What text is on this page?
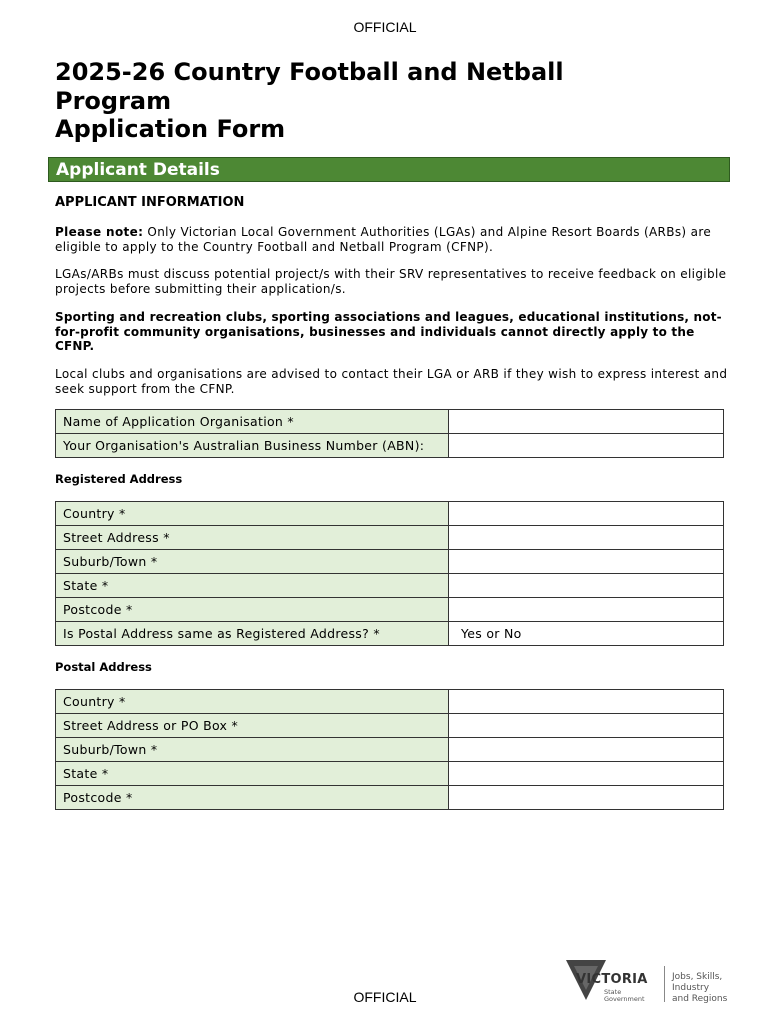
OFFICIAL
2025-26 Country Football and Netball
Program
Application Form
Applicant Details
APPLICANT INFORMATION

Please note: Only Victorian Local Government Authorities (LGAs) and Alpine Resort Boards (ARBs) are eligible to apply to the Country Football and Netball Program (CFNP).

LGAs/ARBs must discuss potential project/s with their SRV representatives to receive feedback on eligible projects before submitting their application/s.

Sporting and recreation clubs, sporting associations and leagues, educational institutions, not-for-profit community organisations, businesses and individuals cannot directly apply to the CFNP.

Local clubs and organisations are advised to contact their LGA or ARB if they wish to express interest and seek support from the CFNP.

Name of Application Organisation *	
Your Organisation's Australian Business Number (ABN):	
Registered Address
Country *	
Street Address *	
Suburb/Town *	
State *	
Postcode *	
Is Postal Address same as Registered Address? *	Yes or No
Postal Address
Country *	
Street Address or PO Box *	
Suburb/Town *	
State *	
Postcode *	
VICTORIA
State
Government
Jobs, Skills,
Industry
and Regions
OFFICIAL
